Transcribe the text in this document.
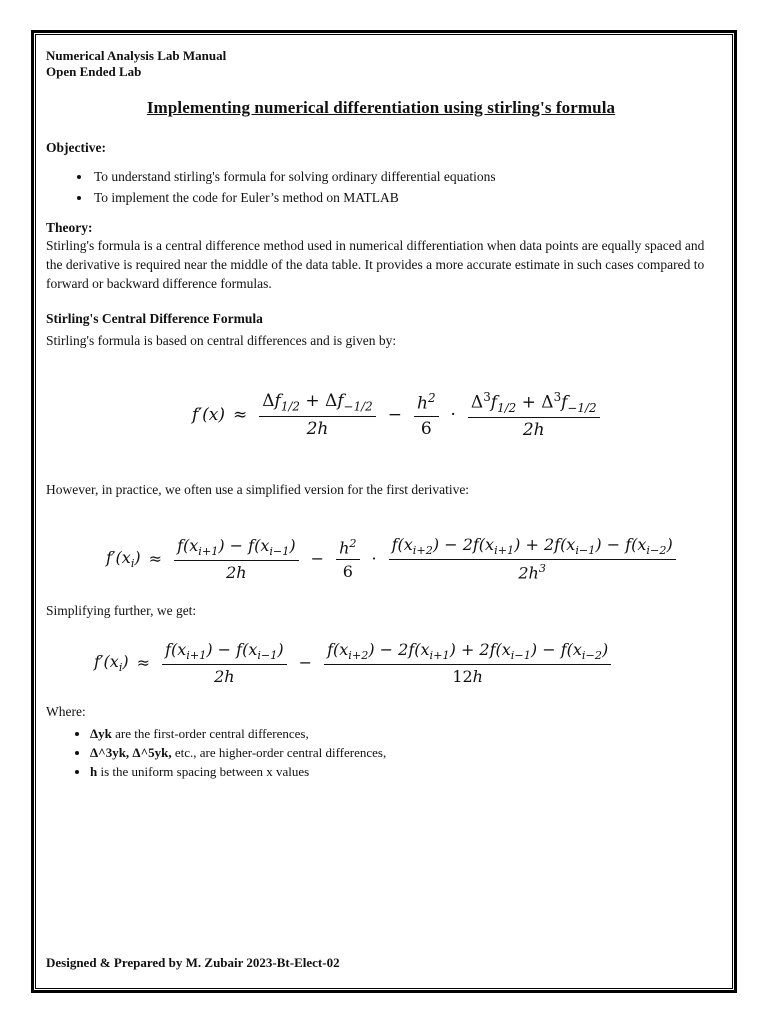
Numerical Analysis Lab Manual
Open Ended Lab
Implementing numerical differentiation using stirling's formula
Objective:
• To understand stirling's formula for solving ordinary differential equations
• To implement the code for Euler’s method on MATLAB
Theory:

Stirling's formula is a central difference method used in numerical differentiation when data points are equally spaced and the derivative is required near the middle of the data table. It provides a more accurate estimate in such cases compared to forward or backward difference formulas.

Stirling's Central Difference Formula

Stirling's formula is based on central differences and is given by:

$f'(x) \approx \frac{\Delta f_{1/2} + \Delta f_{-1/2}}{2h} - \frac{h^2}{6} \cdot \frac{\Delta^3f_{1/2} + \Delta^3f_{-1/2}}{2h}$

However, in practice, we often use a simplified version for the first derivative:

$f'(x_i) \approx \frac{f(x_{i+1}) - f(x_{i-1})}{2h} - \frac{h^2}{6} \cdot \frac{f(x_{i+2}) - 2f(x_{i+1}) + 2f(x_{i-1}) - f(x_{i-2})}{2h^3}$

Simplifying further, we get:

$f'(x_i) \approx \frac{f(x_{i+1}) - f(x_{i-1})}{2h} - \frac{f(x_{i+2}) - 2f(x_{i+1}) + 2f(x_{i-1}) - f(x_{i-2})}{12h}$

Where:

• Δyk are the first-order central differences,
• Δ^3yk, Δ^5yk, etc., are higher-order central differences,
• h is the uniform spacing between x values
Designed & Prepared by M. Zubair 2023-Bt-Elect-02
